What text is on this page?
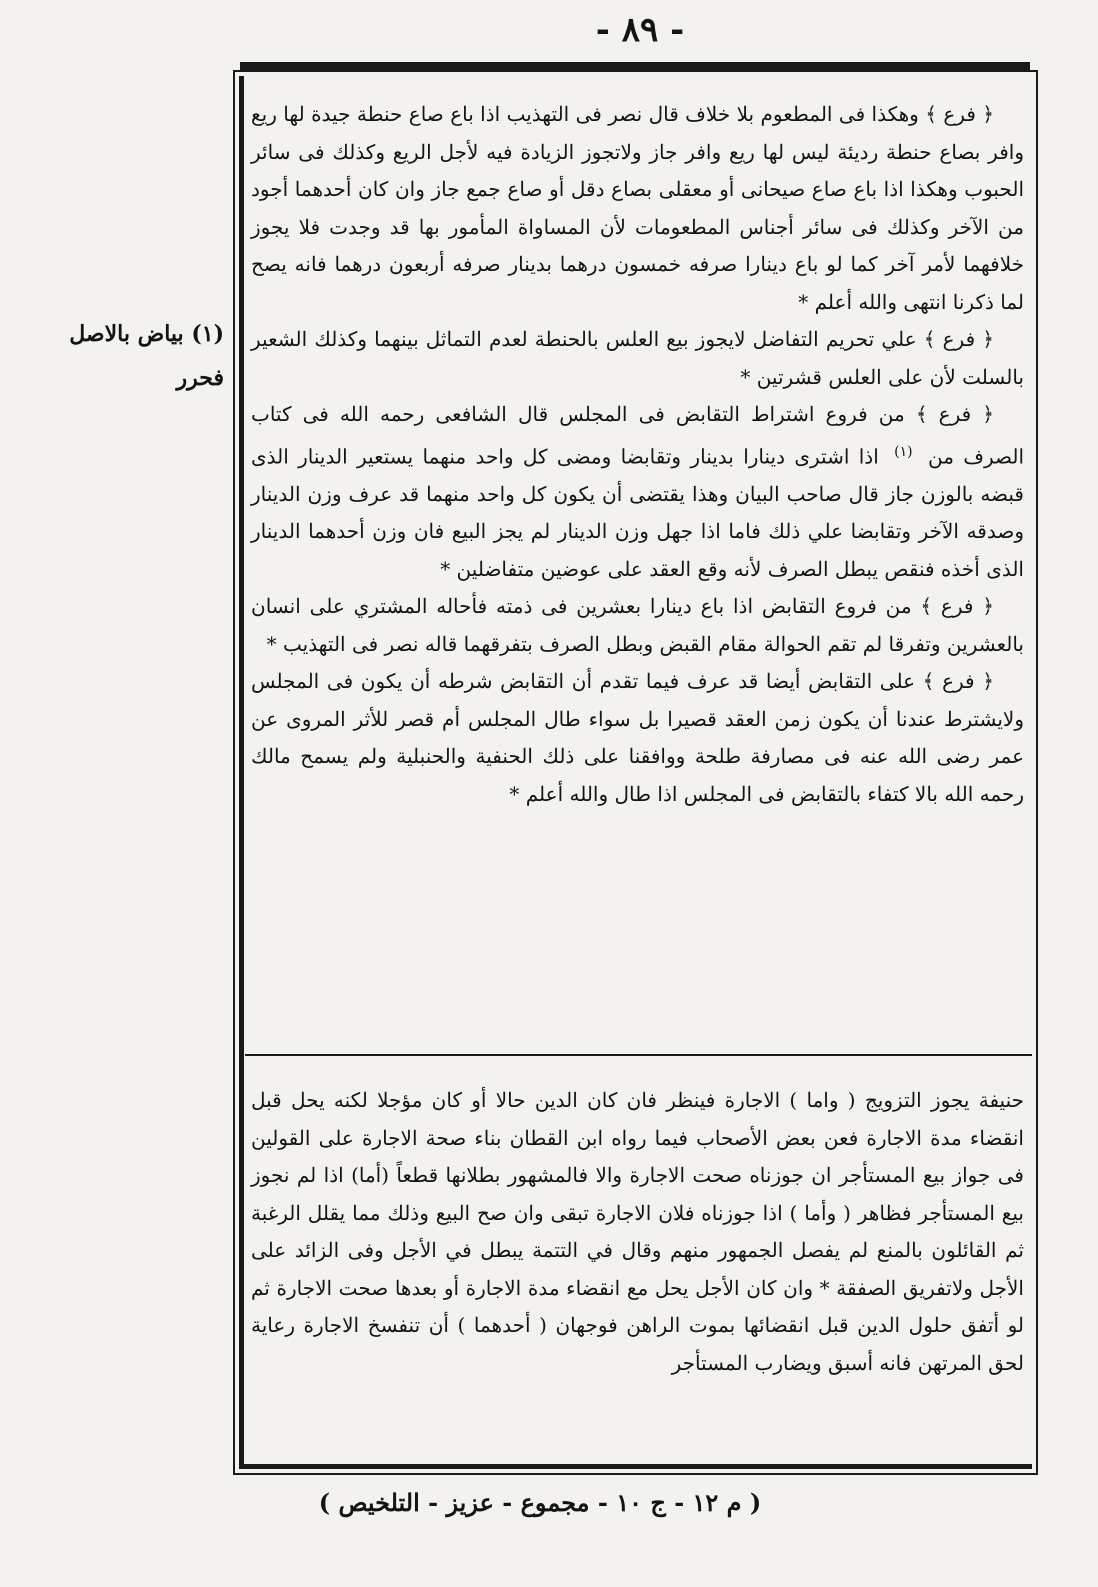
- ٨٩ -
(١) بياض بالاصل
فحرر

﴿ فرع ﴾ وهكذا فى المطعوم بلا خلاف قال نصر فى التهذيب اذا باع صاع حنطة جيدة لها ريع وافر بصاع حنطة رديئة ليس لها ريع وافر جاز ولاتجوز الزيادة فيه لأجل الريع وكذلك فى سائر الحبوب وهكذا اذا باع صاع صيحانى أو معقلى بصاع دقل أو صاع جمع جاز وان كان أحدهما أجود من الآخر وكذلك فى سائر أجناس المطعومات لأن المساواة المأمور بها قد وجدت فلا يجوز خلافهما لأمر آخر كما لو باع دينارا صرفه خمسون درهما بدينار صرفه أربعون درهما فانه يصح لما ذكرنا انتهى والله أعلم *

﴿ فرع ﴾ علي تحريم التفاضل لايجوز بيع العلس بالحنطة لعدم التماثل بينهما وكذلك الشعير بالسلت لأن على العلس قشرتين *

﴿ فرع ﴾ من فروع اشتراط التقابض فى المجلس قال الشافعى رحمه الله فى كتاب الصرف من $^{(١)}$ اذا اشترى دينارا بدينار وتقابضا ومضى كل واحد منهما يستعير الدينار الذى قبضه بالوزن جاز قال صاحب البيان وهذا يقتضى أن يكون كل واحد منهما قد عرف وزن الدينار وصدقه الآخر وتقابضا علي ذلك فاما اذا جهل وزن الدينار لم يجز البيع فان وزن أحدهما الدينار الذى أخذه فنقص يبطل الصرف لأنه وقع العقد على عوضين متفاضلين *

﴿ فرع ﴾ من فروع التقابض اذا باع دينارا بعشرين فى ذمته فأحاله المشتري على انسان بالعشرين وتفرقا لم تقم الحوالة مقام القبض وبطل الصرف بتفرقهما قاله نصر فى التهذيب *

﴿ فرع ﴾ على التقابض أيضا قد عرف فيما تقدم أن التقابض شرطه أن يكون فى المجلس ولايشترط عندنا أن يكون زمن العقد قصيرا بل سواء طال المجلس أم قصر للأثر المروى عن عمر رضى الله عنه فى مصارفة طلحة ووافقنا على ذلك الحنفية والحنبلية ولم يسمح مالك رحمه الله بالا كتفاء بالتقابض فى المجلس اذا طال والله أعلم *

حنيفة يجوز التزويج ( واما ) الاجارة فينظر فان كان الدين حالا أو كان مؤجلا لكنه يحل قبل انقضاء مدة الاجارة فعن بعض الأصحاب فيما رواه ابن القطان بناء صحة الاجارة على القولين فى جواز بيع المستأجر ان جوزناه صحت الاجارة والا فالمشهور بطلانها قطعاً (أما) اذا لم نجوز بيع المستأجر فظاهر ( وأما ) اذا جوزناه فلان الاجارة تبقى وان صح البيع وذلك مما يقلل الرغبة ثم القائلون بالمنع لم يفصل الجمهور منهم وقال في التتمة يبطل في الأجل وفى الزائد على الأجل ولاتفريق الصفقة * وان كان الأجل يحل مع انقضاء مدة الاجارة أو بعدها صحت الاجارة ثم لو أتفق حلول الدين قبل انقضائها بموت الراهن فوجهان ( أحدهما ) أن تنفسخ الاجارة رعاية لحق المرتهن فانه أسبق ويضارب المستأجر

( م ١٢ - ج ١٠ - مجموع - عزيز - التلخيص )
